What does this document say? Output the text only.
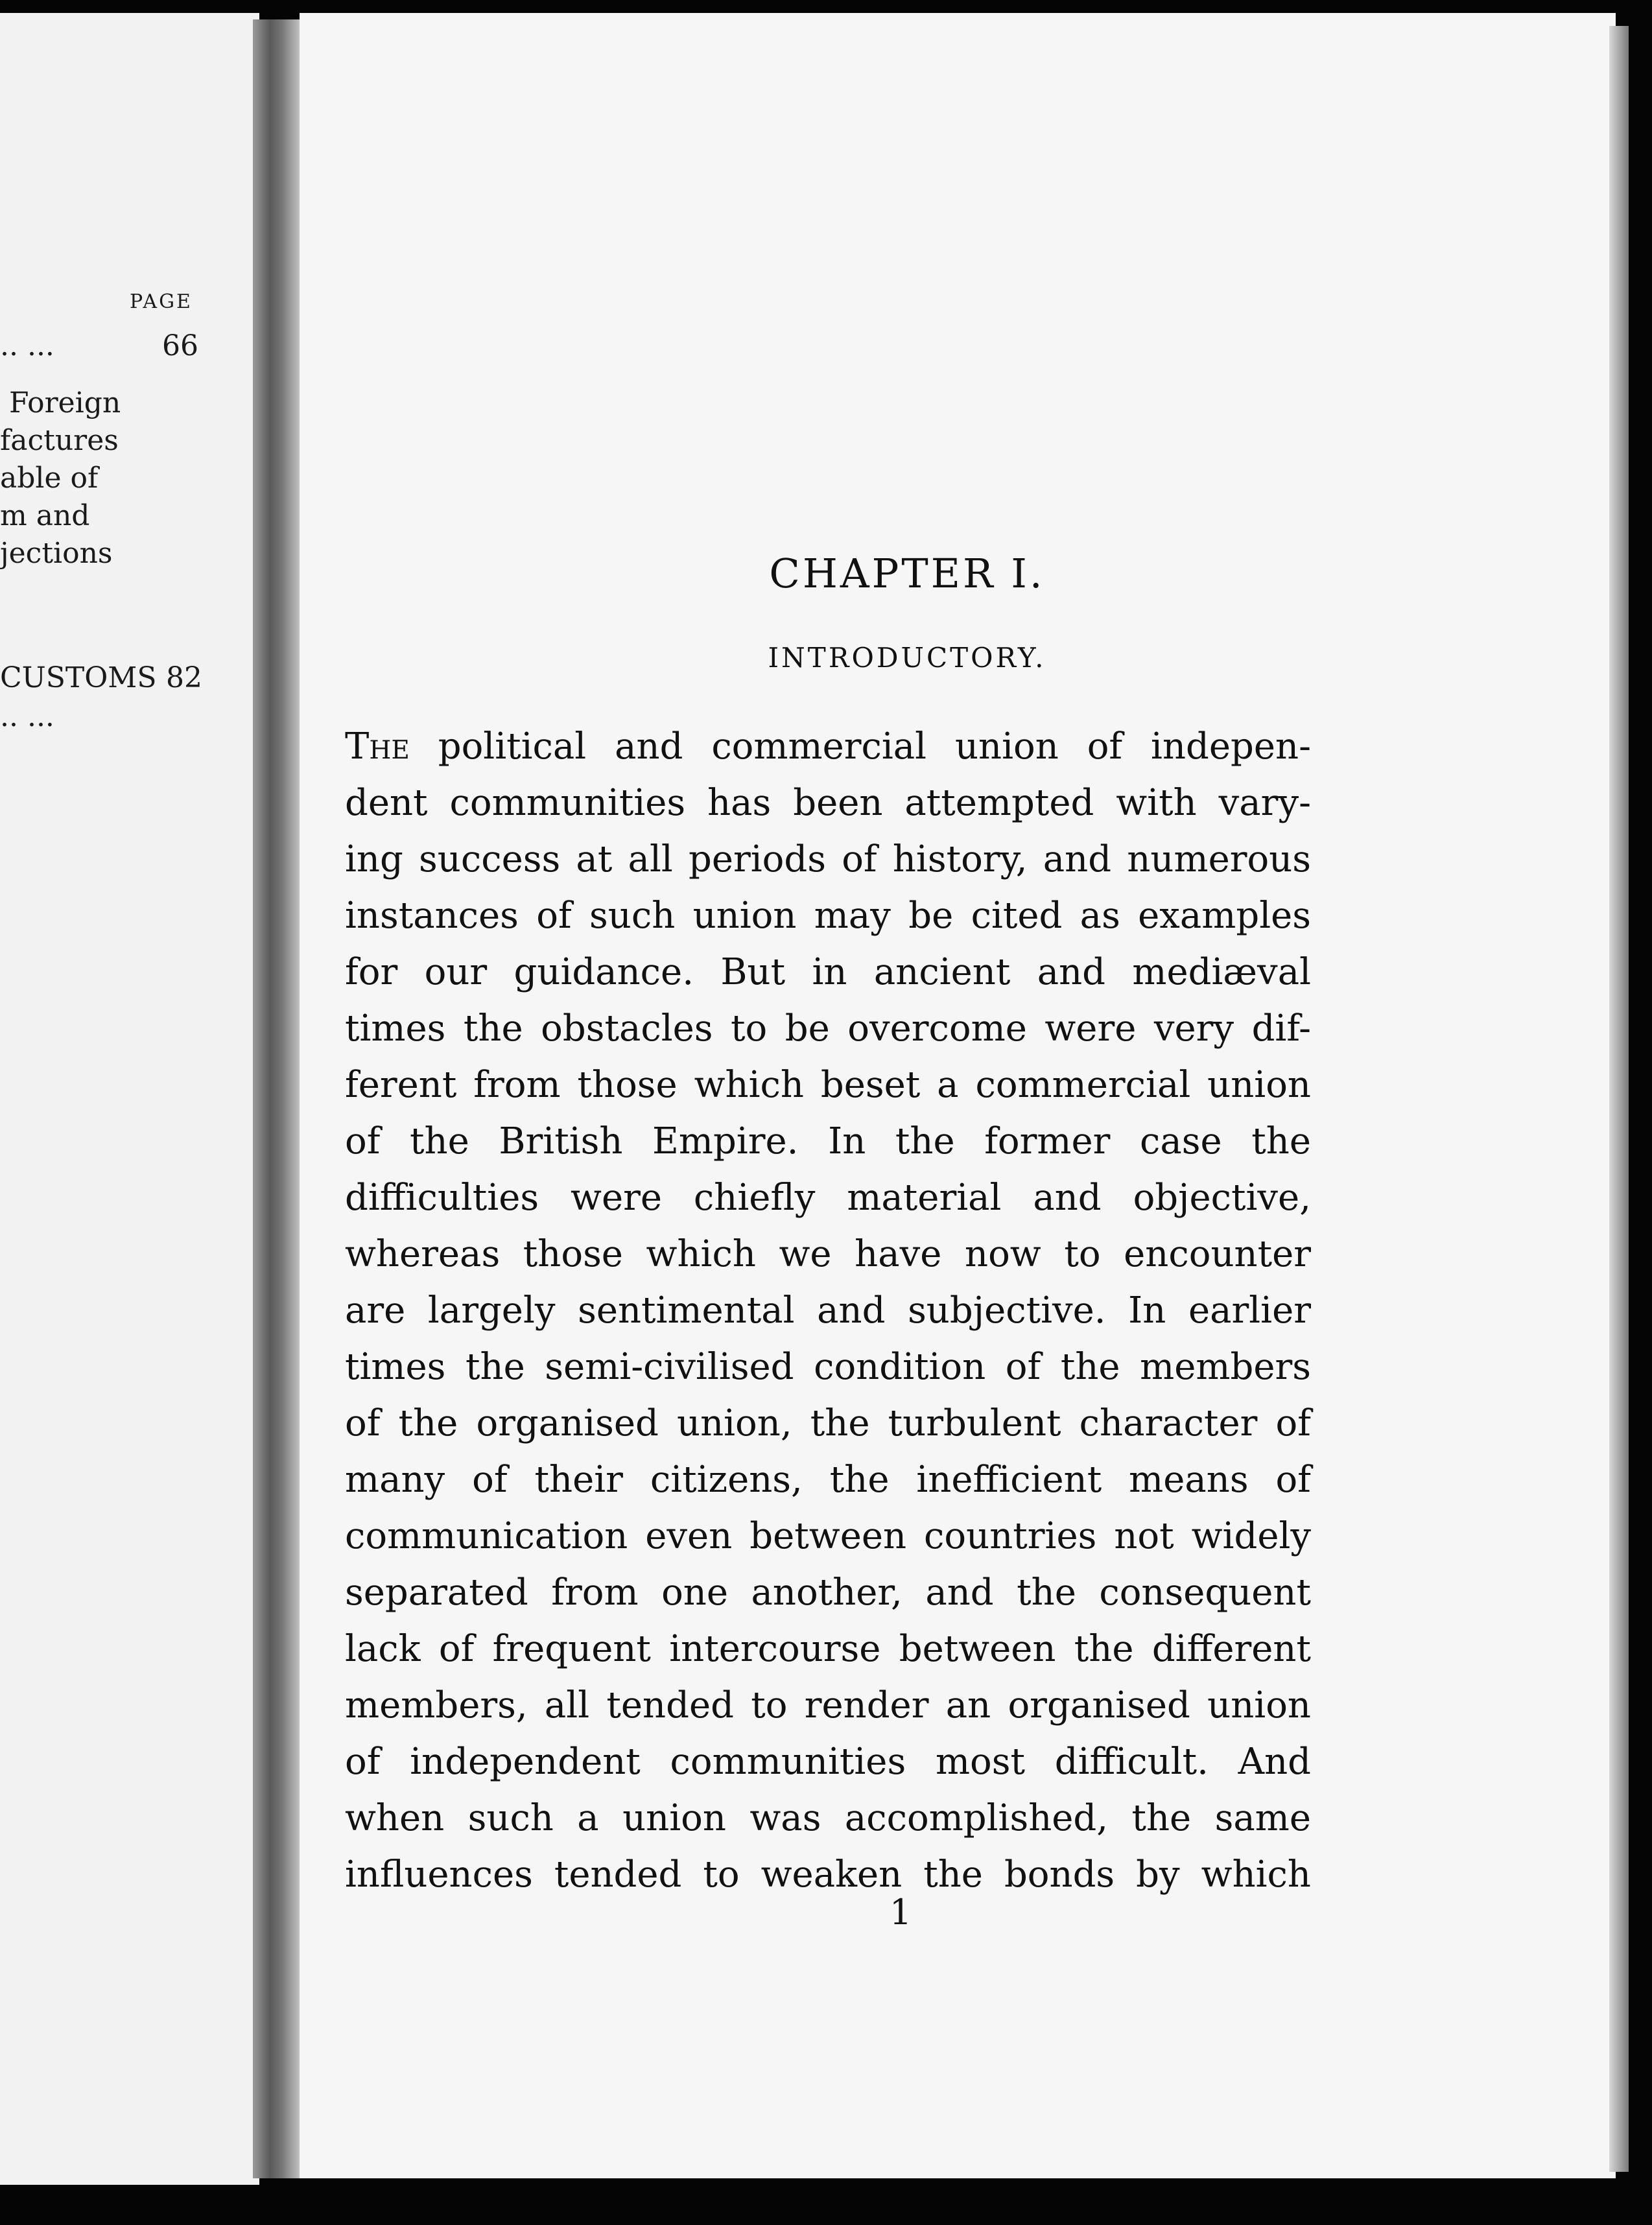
PAGE
.. ...	66
Foreign
factures
able of
m and
jections
CUSTOMS 82
.. ...
CHAPTER I.
INTRODUCTORY.
The political and commercial union of indepen-
dent communities has been attempted with vary-
ing success at all periods of history, and numerous
instances of such union may be cited as examples
for our guidance. But in ancient and mediæval
times the obstacles to be overcome were very dif-
ferent from those which beset a commercial union
of the British Empire. In the former case the
difficulties were chiefly material and objective,
whereas those which we have now to encounter
are largely sentimental and subjective. In earlier
times the semi-civilised condition of the members
of the organised union, the turbulent character of
many of their citizens, the inefficient means of
communication even between countries not widely
separated from one another, and the consequent
lack of frequent intercourse between the different
members, all tended to render an organised union
of independent communities most difficult. And
when such a union was accomplished, the same
influences tended to weaken the bonds by which
1
